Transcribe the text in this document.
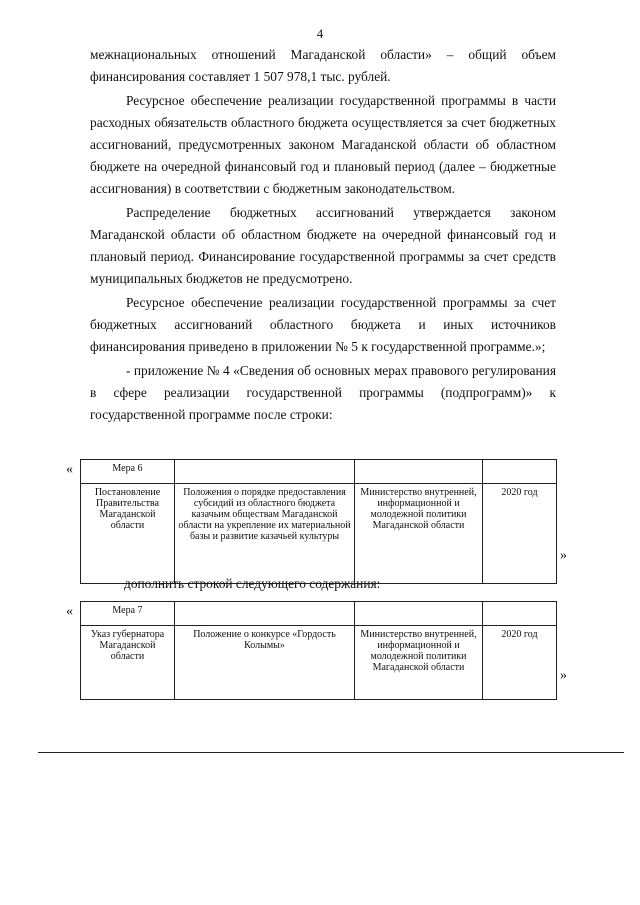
4

межнациональных отношений Магаданской области» – общий объем финансирования составляет 1 507 978,1 тыс. рублей.

Ресурсное обеспечение реализации государственной программы в части расходных обязательств областного бюджета осуществляется за счет бюджетных ассигнований, предусмотренных законом Магаданской области об областном бюджете на очередной финансовый год и плановый период (далее – бюджетные ассигнования) в соответствии с бюджетным законодательством.

Распределение бюджетных ассигнований утверждается законом Магаданской области об областном бюджете на очередной финансовый год и плановый период. Финансирование государственной программы за счет средств муниципальных бюджетов не предусмотрено.

Ресурсное обеспечение реализации государственной программы за счет бюджетных ассигнований областного бюджета и иных источников финансирования приведено в приложении № 5 к государственной программе.»;

- приложение № 4 «Сведения об основных мерах правового регулирования в сфере реализации государственной программы (подпрограмм)» к государственной программе после строки:

«	Мера 6			
Постановление Правительства Магаданской области	Положения о порядке предоставления субсидий из областного бюджета казачьим обществам Магаданской области на укрепление их материальной базы и развитие казачьей культуры	Министерство внутренней, информационной и молодежной политики Магаданской области	2020 год
»
дополнить строкой следующего содержания:
«	Мера 7			
Указ губернатора Магаданской области	Положение о конкурсе «Гордость Колымы»	Министерство внутренней, информационной и молодежной политики Магаданской области	2020 год
»
